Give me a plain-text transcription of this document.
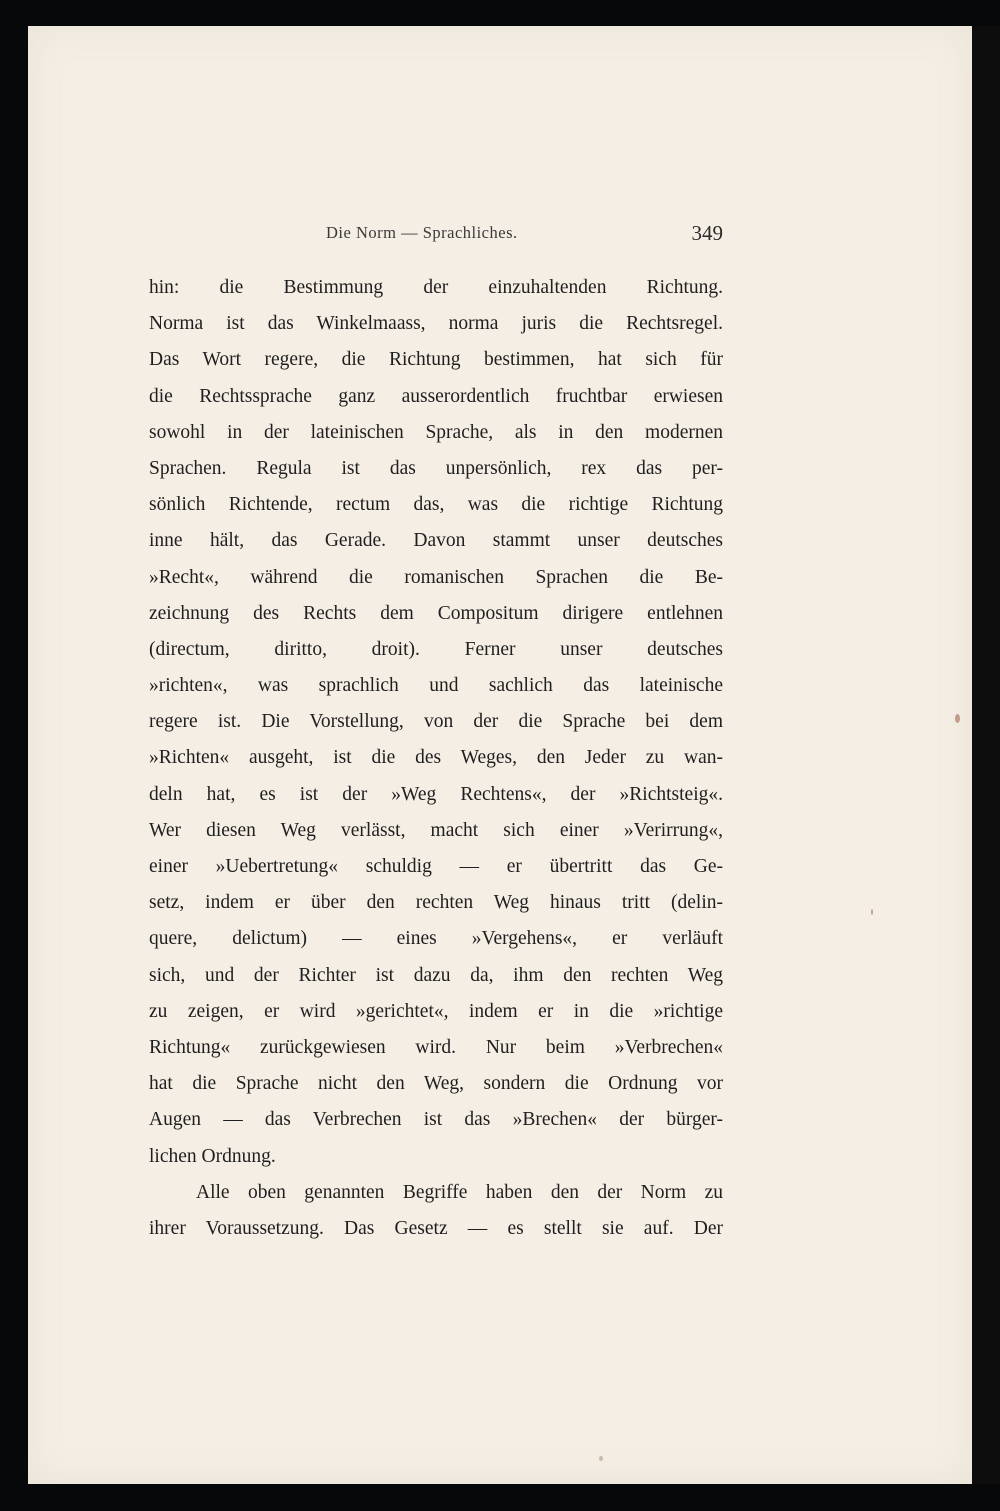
Die Norm — Sprachliches.	349
hin: die Bestimmung der einzuhaltenden Richtung.
Norma ist das Winkelmaass, norma juris die Rechtsregel.
Das Wort regere, die Richtung bestimmen, hat sich für
die Rechtssprache ganz ausserordentlich fruchtbar erwiesen
sowohl in der lateinischen Sprache, als in den modernen
Sprachen. Regula ist das unpersönlich, rex das per-
sönlich Richtende, rectum das, was die richtige Richtung
inne hält, das Gerade. Davon stammt unser deutsches
»Recht«, während die romanischen Sprachen die Be-
zeichnung des Rechts dem Compositum dirigere entlehnen
(directum, diritto, droit). Ferner unser deutsches
»richten«, was sprachlich und sachlich das lateinische
regere ist. Die Vorstellung, von der die Sprache bei dem
»Richten« ausgeht, ist die des Weges, den Jeder zu wan-
deln hat, es ist der »Weg Rechtens«, der »Richtsteig«.
Wer diesen Weg verlässt, macht sich einer »Verirrung«,
einer »Uebertretung« schuldig — er übertritt das Ge-
setz, indem er über den rechten Weg hinaus tritt (delin-
quere, delictum) — eines »Vergehens«, er verläuft
sich, und der Richter ist dazu da, ihm den rechten Weg
zu zeigen, er wird »gerichtet«, indem er in die »richtige
Richtung« zurückgewiesen wird. Nur beim »Verbrechen«
hat die Sprache nicht den Weg, sondern die Ordnung vor
Augen — das Verbrechen ist das »Brechen« der bürger-
lichen Ordnung.
Alle oben genannten Begriffe haben den der Norm zu
ihrer Voraussetzung. Das Gesetz — es stellt sie auf. Der
